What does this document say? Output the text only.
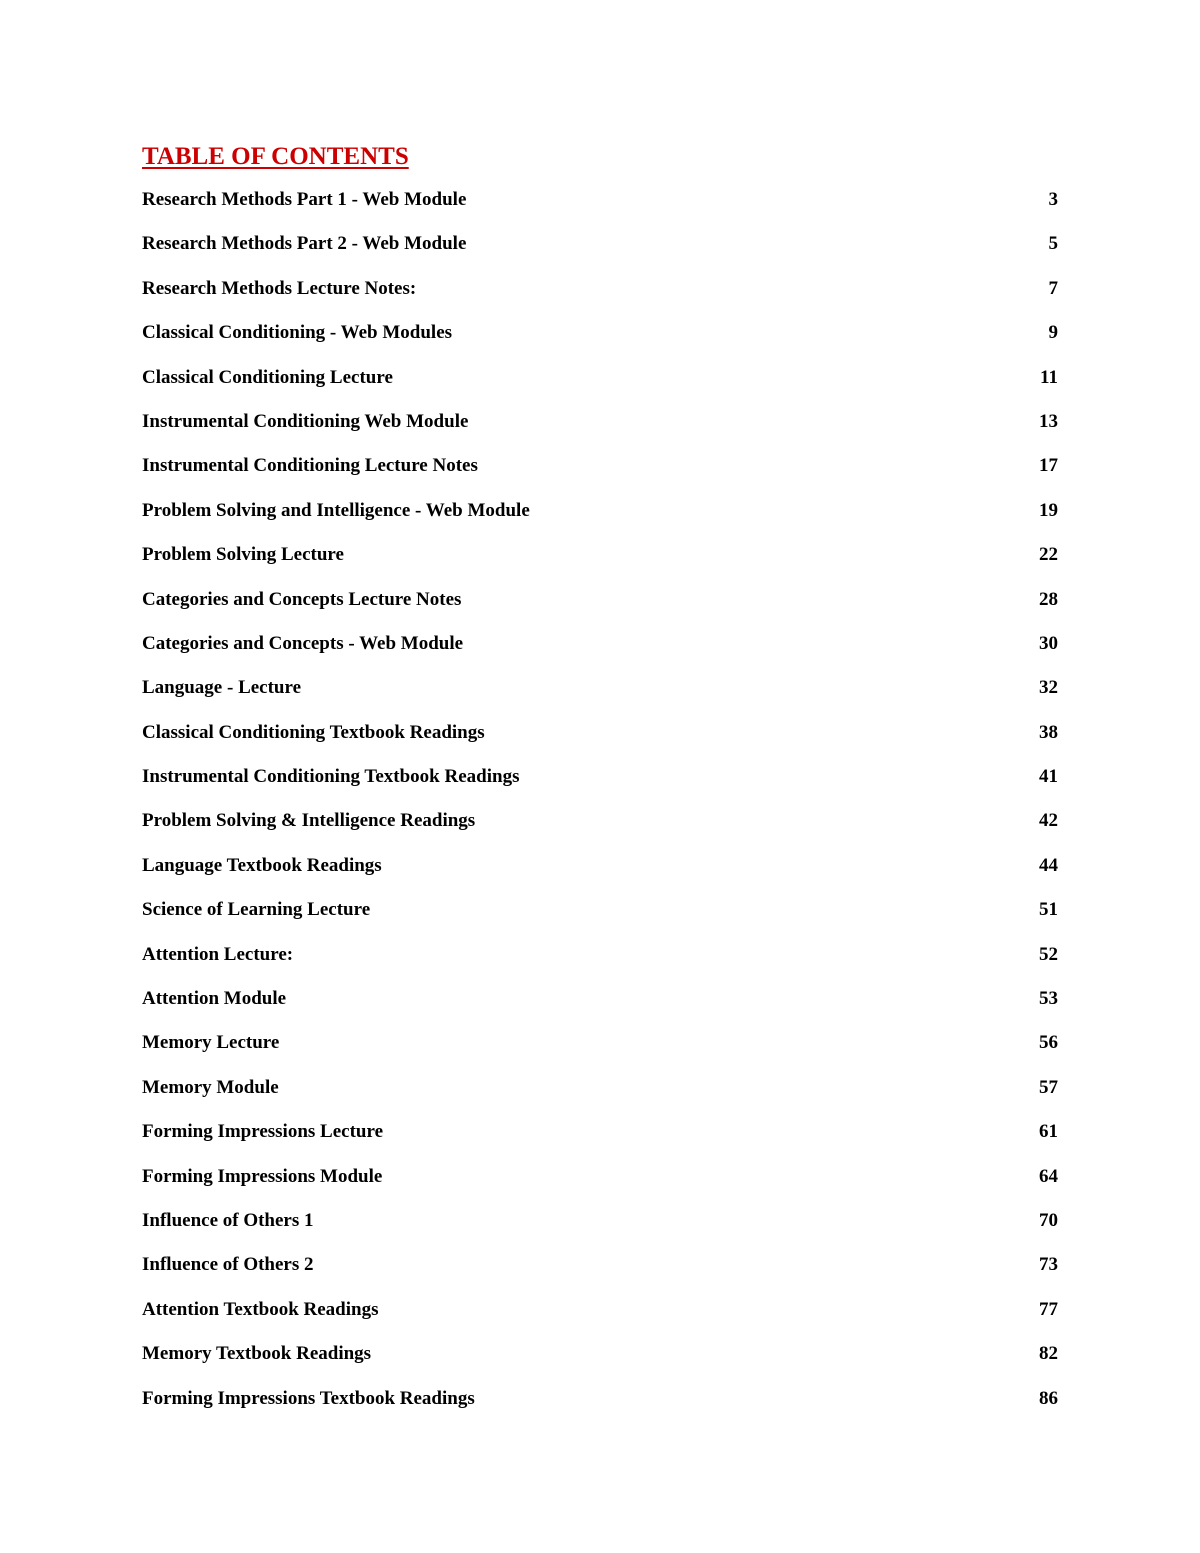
TABLE OF CONTENTS
Research Methods Part 1 - Web Module	3
Research Methods Part 2 - Web Module	5
Research Methods Lecture Notes:	7
Classical Conditioning - Web Modules	9
Classical Conditioning Lecture	11
Instrumental Conditioning Web Module	13
Instrumental Conditioning Lecture Notes	17
Problem Solving and Intelligence - Web Module	19
Problem Solving Lecture	22
Categories and Concepts Lecture Notes	28
Categories and Concepts - Web Module	30
Language - Lecture	32
Classical Conditioning Textbook Readings	38
Instrumental Conditioning Textbook Readings	41
Problem Solving & Intelligence Readings	42
Language Textbook Readings	44
Science of Learning Lecture	51
Attention Lecture:	52
Attention Module	53
Memory Lecture	56
Memory Module	57
Forming Impressions Lecture	61
Forming Impressions Module	64
Influence of Others 1	70
Influence of Others 2	73
Attention Textbook Readings	77
Memory Textbook Readings	82
Forming Impressions Textbook Readings	86
